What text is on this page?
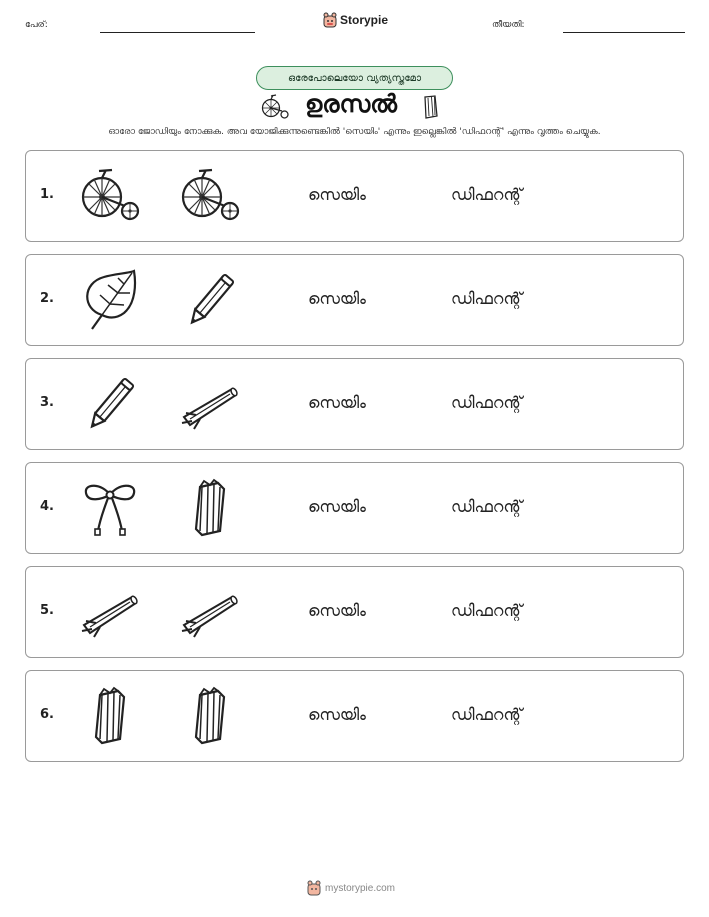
പേര്:	Storypie	തീയതി:
ഒരേപോലെയോ വ്യത്യസ്തമോ
ഉരസൽ
ഓരോ ജോഡിയും നോക്കുക. അവ യോജിക്കുന്നുണ്ടെങ്കിൽ 'സെയിം' എന്നും ഇല്ലെങ്കിൽ 'ഡിഫറന്റ്' എന്നും വൃത്തം ചെയ്യുക.
1.	സെയിം	ഡിഫറന്റ്
2.	സെയിം	ഡിഫറന്റ്
3.	സെയിം	ഡിഫറന്റ്
4.	സെയിം	ഡിഫറന്റ്
5.	സെയിം	ഡിഫറന്റ്
6.	സെയിം	ഡിഫറന്റ്
mystorypie.com
